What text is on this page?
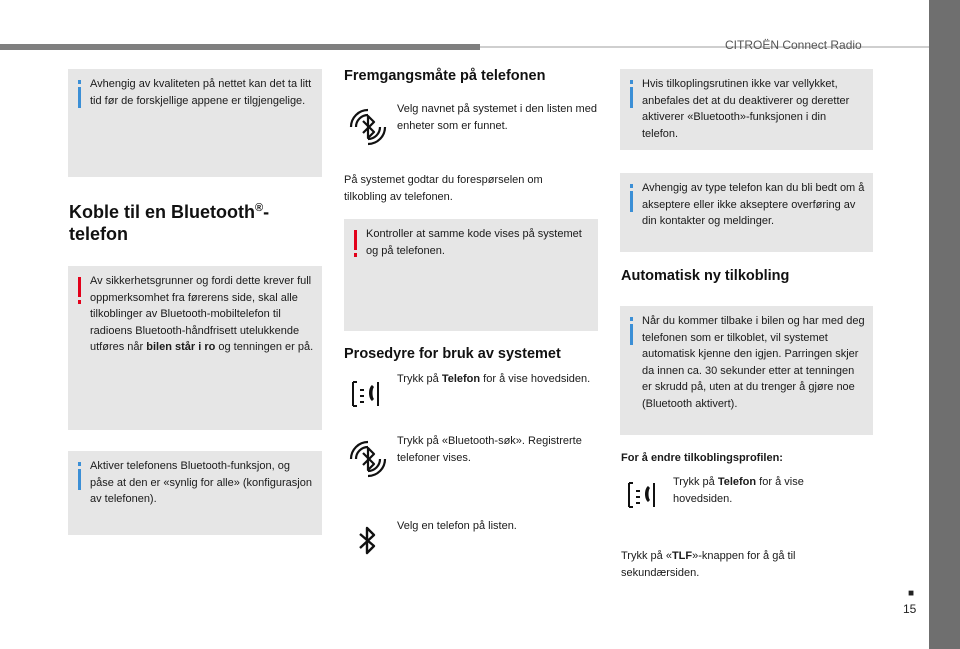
CITROËN Connect Radio
■
15
Avhengig av kvaliteten på nettet kan det ta litt tid før de forskjellige appene er tilgjengelige.
Koble til en Bluetooth®-
telefon
Av sikkerhetsgrunner og fordi dette krever full oppmerksomhet fra førerens side, skal alle tilkoblinger av Bluetooth-mobiltelefon til radioens Bluetooth-håndfrisett utelukkende utføres når bilen står i ro og tenningen er på.
Aktiver telefonens Bluetooth-funksjon, og påse at den er «synlig for alle» (konfigurasjon av telefonen).
Fremgangsmåte på telefonen
Velg navnet på systemet i den listen med enheter som er funnet.
På systemet godtar du forespørselen om tilkobling av telefonen.
Kontroller at samme kode vises på systemet og på telefonen.
Prosedyre for bruk av systemet
Trykk på Telefon for å vise hovedsiden.
Trykk på «Bluetooth-søk». Registrerte telefoner vises.
Velg en telefon på listen.
Hvis tilkoplingsrutinen ikke var vellykket, anbefales det at du deaktiverer og deretter aktiverer «Bluetooth»-funksjonen i din telefon.
Avhengig av type telefon kan du bli bedt om å akseptere eller ikke akseptere overføring av din kontakter og meldinger.
Automatisk ny tilkobling
Når du kommer tilbake i bilen og har med deg telefonen som er tilkoblet, vil systemet automatisk kjenne den igjen. Parringen skjer da innen ca. 30 sekunder etter at tenningen er skrudd på, uten at du trenger å gjøre noe (Bluetooth aktivert).
For å endre tilkoblingsprofilen:
Trykk på Telefon for å vise hovedsiden.
Trykk på «TLF»-knappen for å gå til sekundærsiden.
